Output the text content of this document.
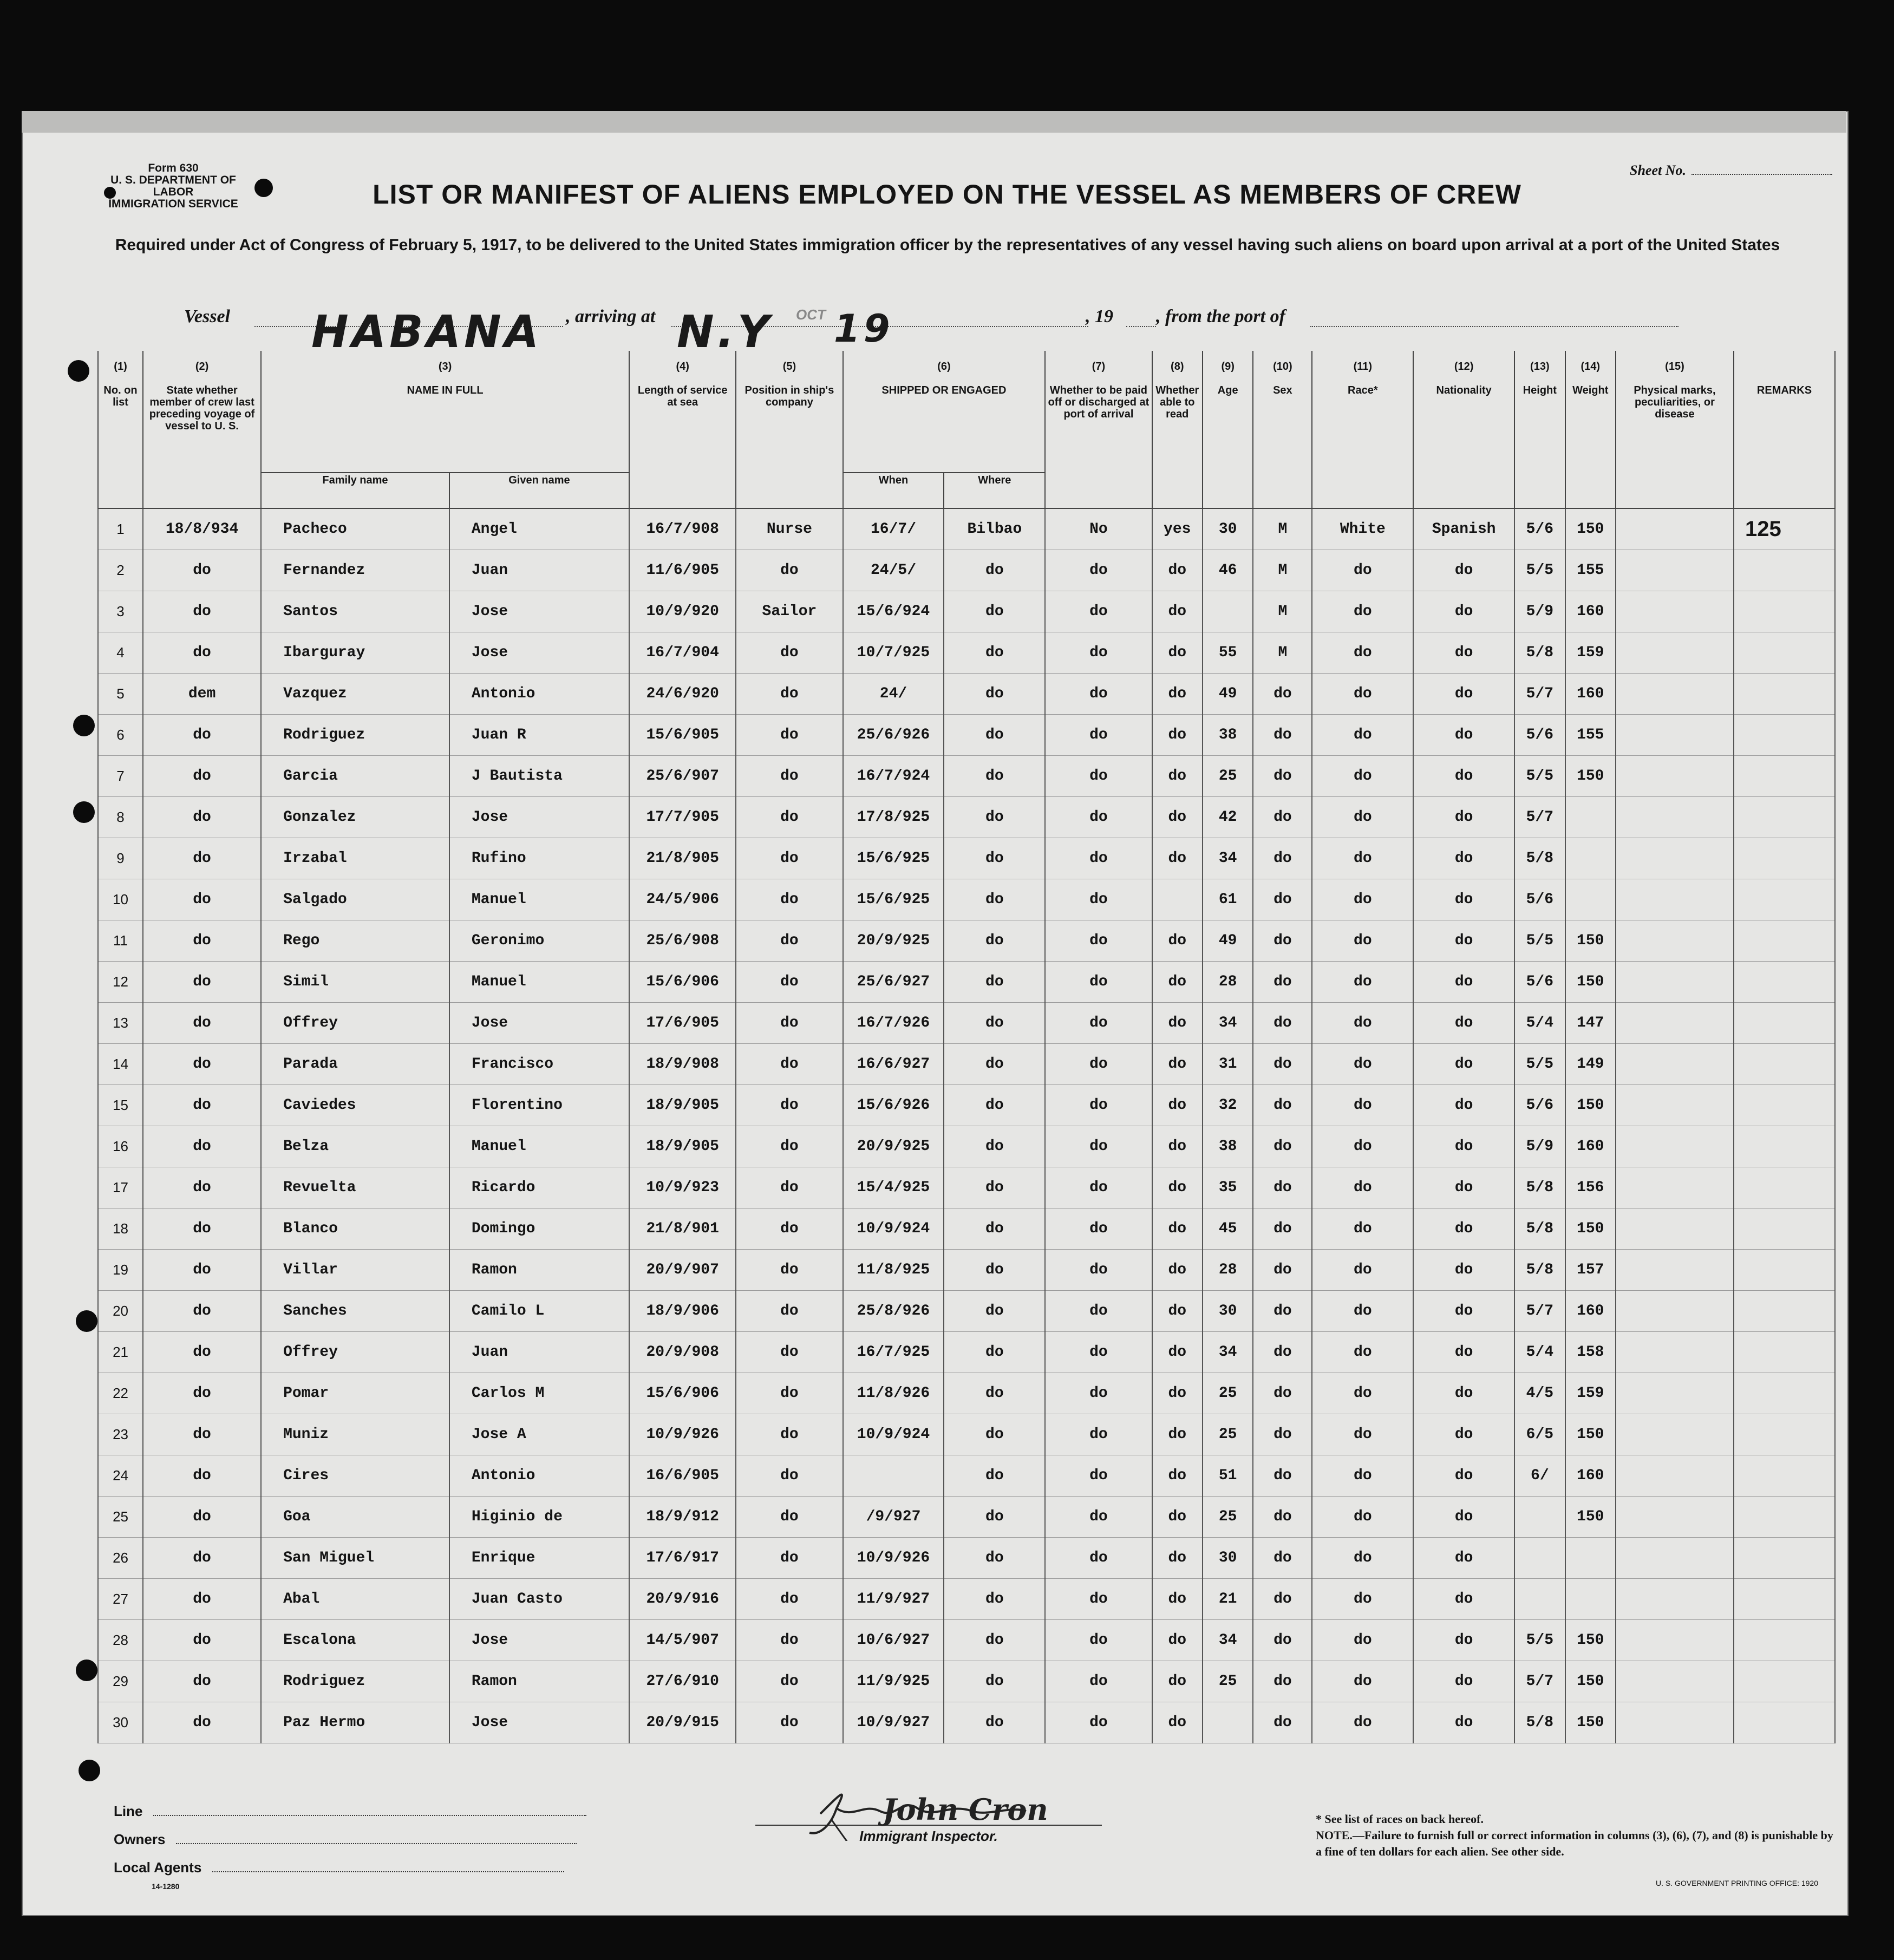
Form 630
U. S. DEPARTMENT OF LABOR
IMMIGRATION SERVICE
Sheet No.
LIST OR MANIFEST OF ALIENS EMPLOYED ON THE VESSEL AS MEMBERS OF CREW
Required under Act of Congress of February 5, 1917, to be delivered to the United States immigration officer by the representatives of any vessel having such aliens on board upon arrival at a port of the United States
Vessel HABANA , arriving at N.Y OCT 19	, 19 , from the port of
(1)	(2)	(3)		(4)	(5)	(6)		(7)	(8)	(9)	(10)	(11)	(12)	(13)	(14)	(15)	
No. on list	State whether member of crew last preceding voyage of vessel to U. S.	NAME IN FULL		Length of service at sea	Position in ship's company	SHIPPED OR ENGAGED		Whether to be paid off or discharged at port of arrival	Whether able to read	Age	Sex	Race*	Nationality	Height	Weight	Physical marks, peculiarities, or disease	REMARKS
		Family name	Given name			When	Where										
1	18/8/934	Pacheco	Angel	16/7/908	Nurse	16/7/	Bilbao	No	yes	30	M	White	Spanish	5/6	150		125
2	do	Fernandez	Juan	11/6/905	do	24/5/	do	do	do	46	M	do	do	5/5	155		
3	do	Santos	Jose	10/9/920	Sailor	15/6/924	do	do	do		M	do	do	5/9	160		
4	do	Ibarguray	Jose	16/7/904	do	10/7/925	do	do	do	55	M	do	do	5/8	159		
5	dem	Vazquez	Antonio	24/6/920	do	24/	do	do	do	49	do	do	do	5/7	160		
6	do	Rodriguez	Juan R	15/6/905	do	25/6/926	do	do	do	38	do	do	do	5/6	155		
7	do	Garcia	J Bautista	25/6/907	do	16/7/924	do	do	do	25	do	do	do	5/5	150		
8	do	Gonzalez	Jose	17/7/905	do	17/8/925	do	do	do	42	do	do	do	5/7			
9	do	Irzabal	Rufino	21/8/905	do	15/6/925	do	do	do	34	do	do	do	5/8			
10	do	Salgado	Manuel	24/5/906	do	15/6/925	do	do		61	do	do	do	5/6			
11	do	Rego	Geronimo	25/6/908	do	20/9/925	do	do	do	49	do	do	do	5/5	150		
12	do	Simil	Manuel	15/6/906	do	25/6/927	do	do	do	28	do	do	do	5/6	150		
13	do	Offrey	Jose	17/6/905	do	16/7/926	do	do	do	34	do	do	do	5/4	147		
14	do	Parada	Francisco	18/9/908	do	16/6/927	do	do	do	31	do	do	do	5/5	149		
15	do	Caviedes	Florentino	18/9/905	do	15/6/926	do	do	do	32	do	do	do	5/6	150		
16	do	Belza	Manuel	18/9/905	do	20/9/925	do	do	do	38	do	do	do	5/9	160		
17	do	Revuelta	Ricardo	10/9/923	do	15/4/925	do	do	do	35	do	do	do	5/8	156		
18	do	Blanco	Domingo	21/8/901	do	10/9/924	do	do	do	45	do	do	do	5/8	150		
19	do	Villar	Ramon	20/9/907	do	11/8/925	do	do	do	28	do	do	do	5/8	157		
20	do	Sanches	Camilo L	18/9/906	do	25/8/926	do	do	do	30	do	do	do	5/7	160		
21	do	Offrey	Juan	20/9/908	do	16/7/925	do	do	do	34	do	do	do	5/4	158		
22	do	Pomar	Carlos M	15/6/906	do	11/8/926	do	do	do	25	do	do	do	4/5	159		
23	do	Muniz	Jose A	10/9/926	do	10/9/924	do	do	do	25	do	do	do	6/5	150		
24	do	Cires	Antonio	16/6/905	do		do	do	do	51	do	do	do	6/	160		
25	do	Goa	Higinio de	18/9/912	do	/9/927	do	do	do	25	do	do	do		150		
26	do	San Miguel	Enrique	17/6/917	do	10/9/926	do	do	do	30	do	do	do				
27	do	Abal	Juan Casto	20/9/916	do	11/9/927	do	do	do	21	do	do	do				
28	do	Escalona	Jose	14/5/907	do	10/6/927	do	do	do	34	do	do	do	5/5	150		
29	do	Rodriguez	Ramon	27/6/910	do	11/9/925	do	do	do	25	do	do	do	5/7	150		
30	do	Paz Hermo	Jose	20/9/915	do	10/9/927	do	do	do		do	do	do	5/8	150		
Line
Owners
Local Agents
14-1280
John Cron
Immigrant Inspector.
* See list of races on back hereof.
NOTE.—Failure to furnish full or correct information in columns (3), (6), (7), and (8) is punishable by a fine of ten dollars for each alien. See other side.
U. S. GOVERNMENT PRINTING OFFICE: 1920
